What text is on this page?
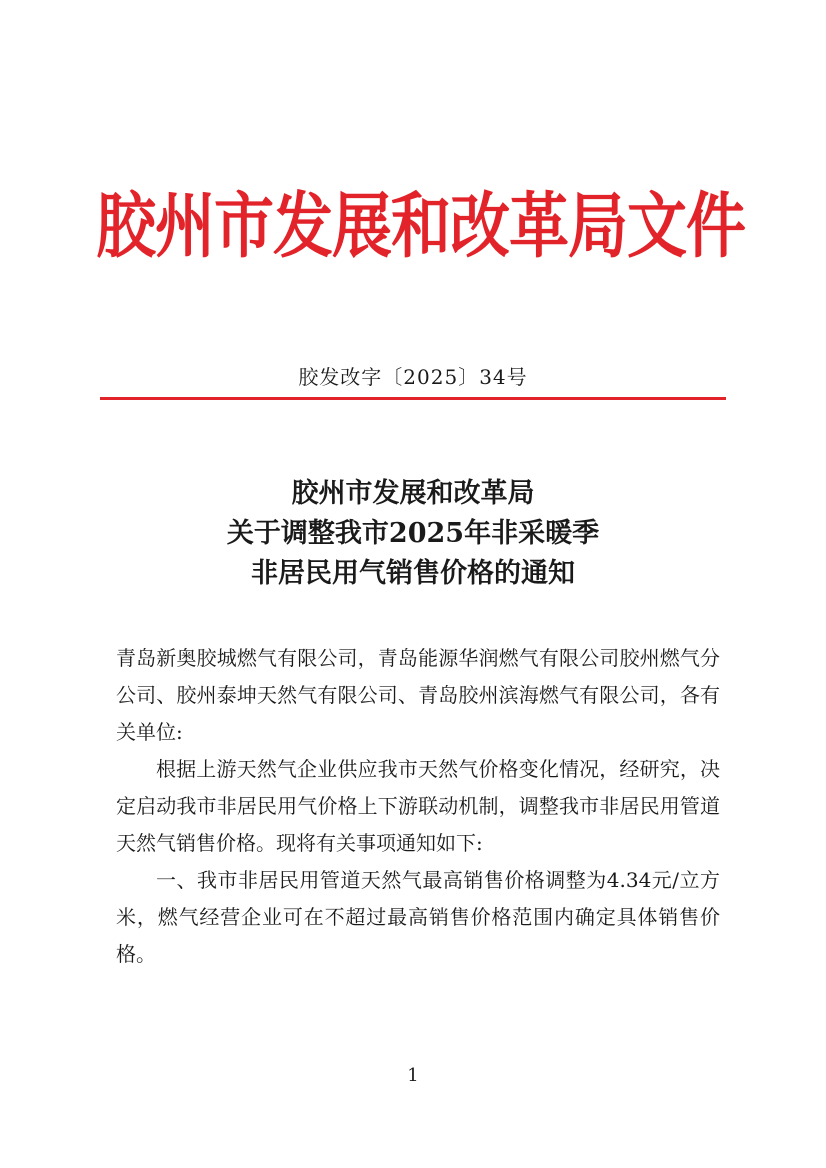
胶州市发展和改革局文件
胶发改字〔2025〕34号
胶州市发展和改革局
关于调整我市2025年非采暖季
非居民用气销售价格的通知

青岛新奥胶城燃气有限公司，青岛能源华润燃气有限公司胶州燃气分公司、胶州泰坤天然气有限公司、青岛胶州滨海燃气有限公司，各有关单位:

根据上游天然气企业供应我市天然气价格变化情况，经研究，决定启动我市非居民用气价格上下游联动机制，调整我市非居民用管道天然气销售价格。现将有关事项通知如下:

一、我市非居民用管道天然气最高销售价格调整为4.34元/立方米，燃气经营企业可在不超过最高销售价格范围内确定具体销售价格。

1
